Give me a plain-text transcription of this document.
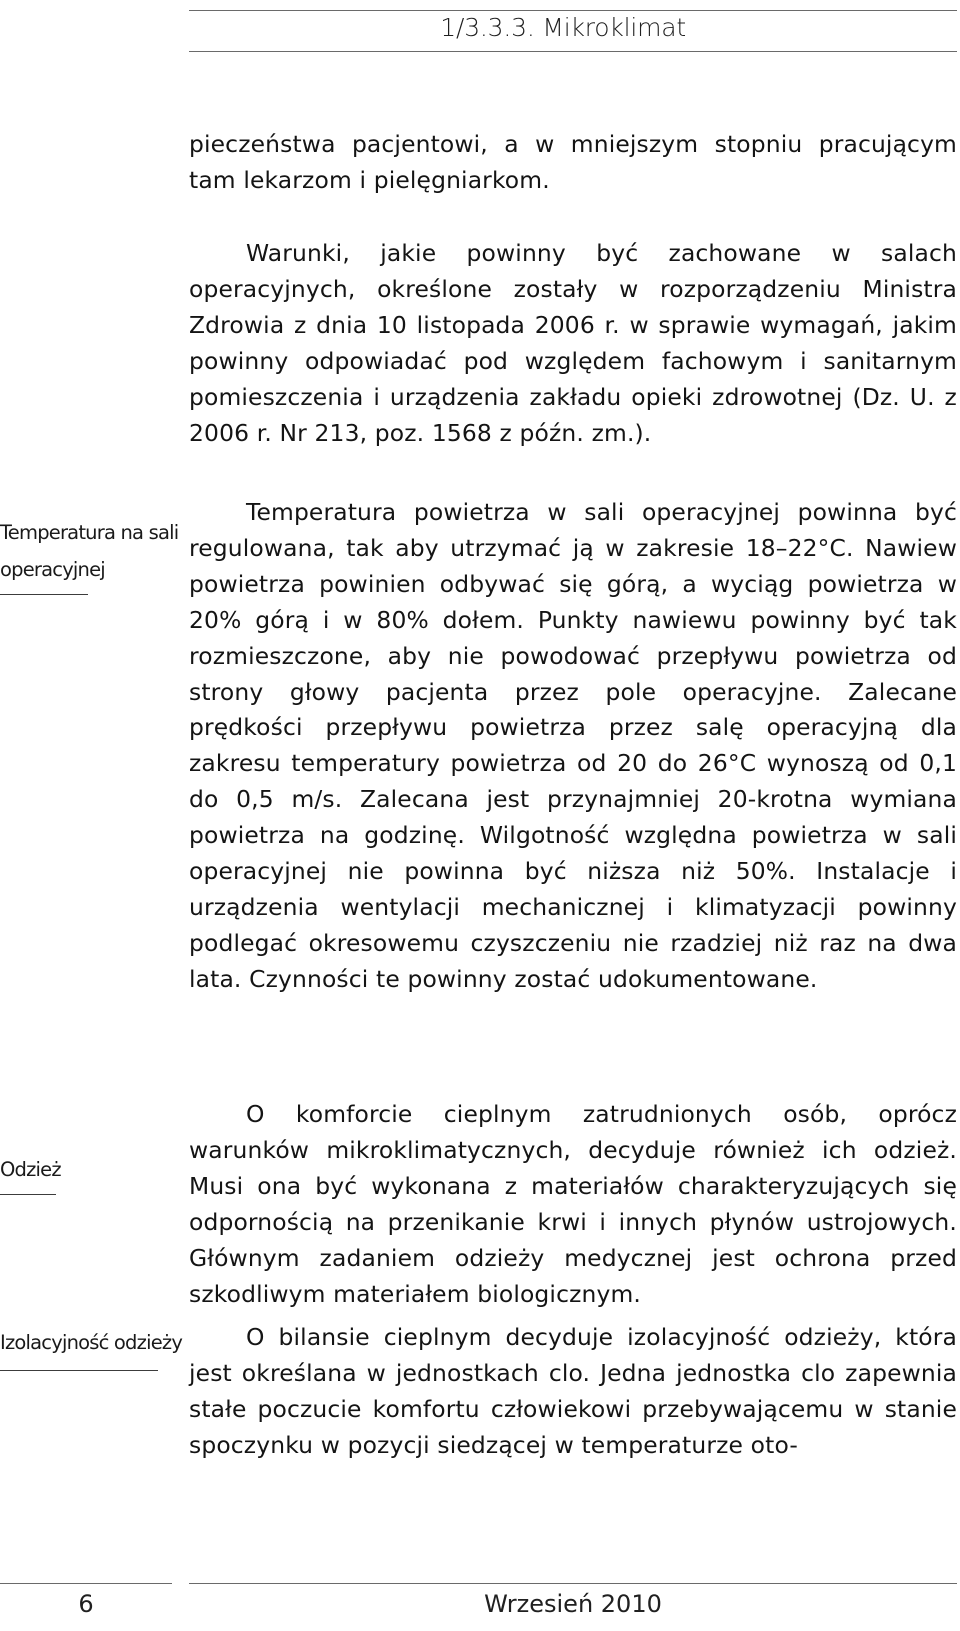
1/3.3.3. Mikroklimat

pieczeństwa pacjentowi, a w mniejszym stopniu pracującym tam lekarzom i pielęgniarkom.

Warunki, jakie powinny być zachowane w salach operacyjnych, określone zostały w rozporządzeniu Ministra Zdrowia z dnia 10 listopada 2006 r. w sprawie wymagań, jakim powinny odpowiadać pod względem fachowym i sanitarnym pomieszczenia i urządzenia zakładu opieki zdrowotnej (Dz. U. z 2006 r. Nr 213, poz. 1568 z późn. zm.).

Temperatura na sali
operacyjnej

Temperatura powietrza w sali operacyjnej powinna być regulowana, tak aby utrzymać ją w zakresie 18–22°C. Nawiew powietrza powinien odbywać się górą, a wyciąg powietrza w 20% górą i w 80% dołem. Punkty nawiewu powinny być tak rozmieszczone, aby nie powodować przepływu powietrza od strony głowy pacjenta przez pole operacyjne. Zalecane prędkości przepływu powietrza przez salę operacyjną dla zakresu temperatury powietrza od 20 do 26°C wynoszą od 0,1 do 0,5 m/s. Zalecana jest przynajmniej 20-krotna wymiana powietrza na godzinę. Wilgotność względna powietrza w sali operacyjnej nie powinna być niższa niż 50%. Instalacje i urządzenia wentylacji mechanicznej i klimatyzacji powinny podlegać okresowemu czyszczeniu nie rzadziej niż raz na dwa lata. Czynności te powinny zostać udokumentowane.

Odzież

O komforcie cieplnym zatrudnionych osób, oprócz warunków mikroklimatycznych, decyduje również ich odzież. Musi ona być wykonana z materiałów charakteryzujących się odpornością na przenikanie krwi i innych płynów ustrojowych. Głównym zadaniem odzieży medycznej jest ochrona przed szkodliwym materiałem biologicznym.

Izolacyjność odzieży	O bilansie cieplnym decyduje izolacyjność odzieży, która jest określana w jednostkach clo. Jedna jednostka clo zapewnia stałe poczucie komfortu człowiekowi przebywającemu w stanie spoczynku w pozycji siedzącej w temperaturze oto-

6	Wrzesień 2010
